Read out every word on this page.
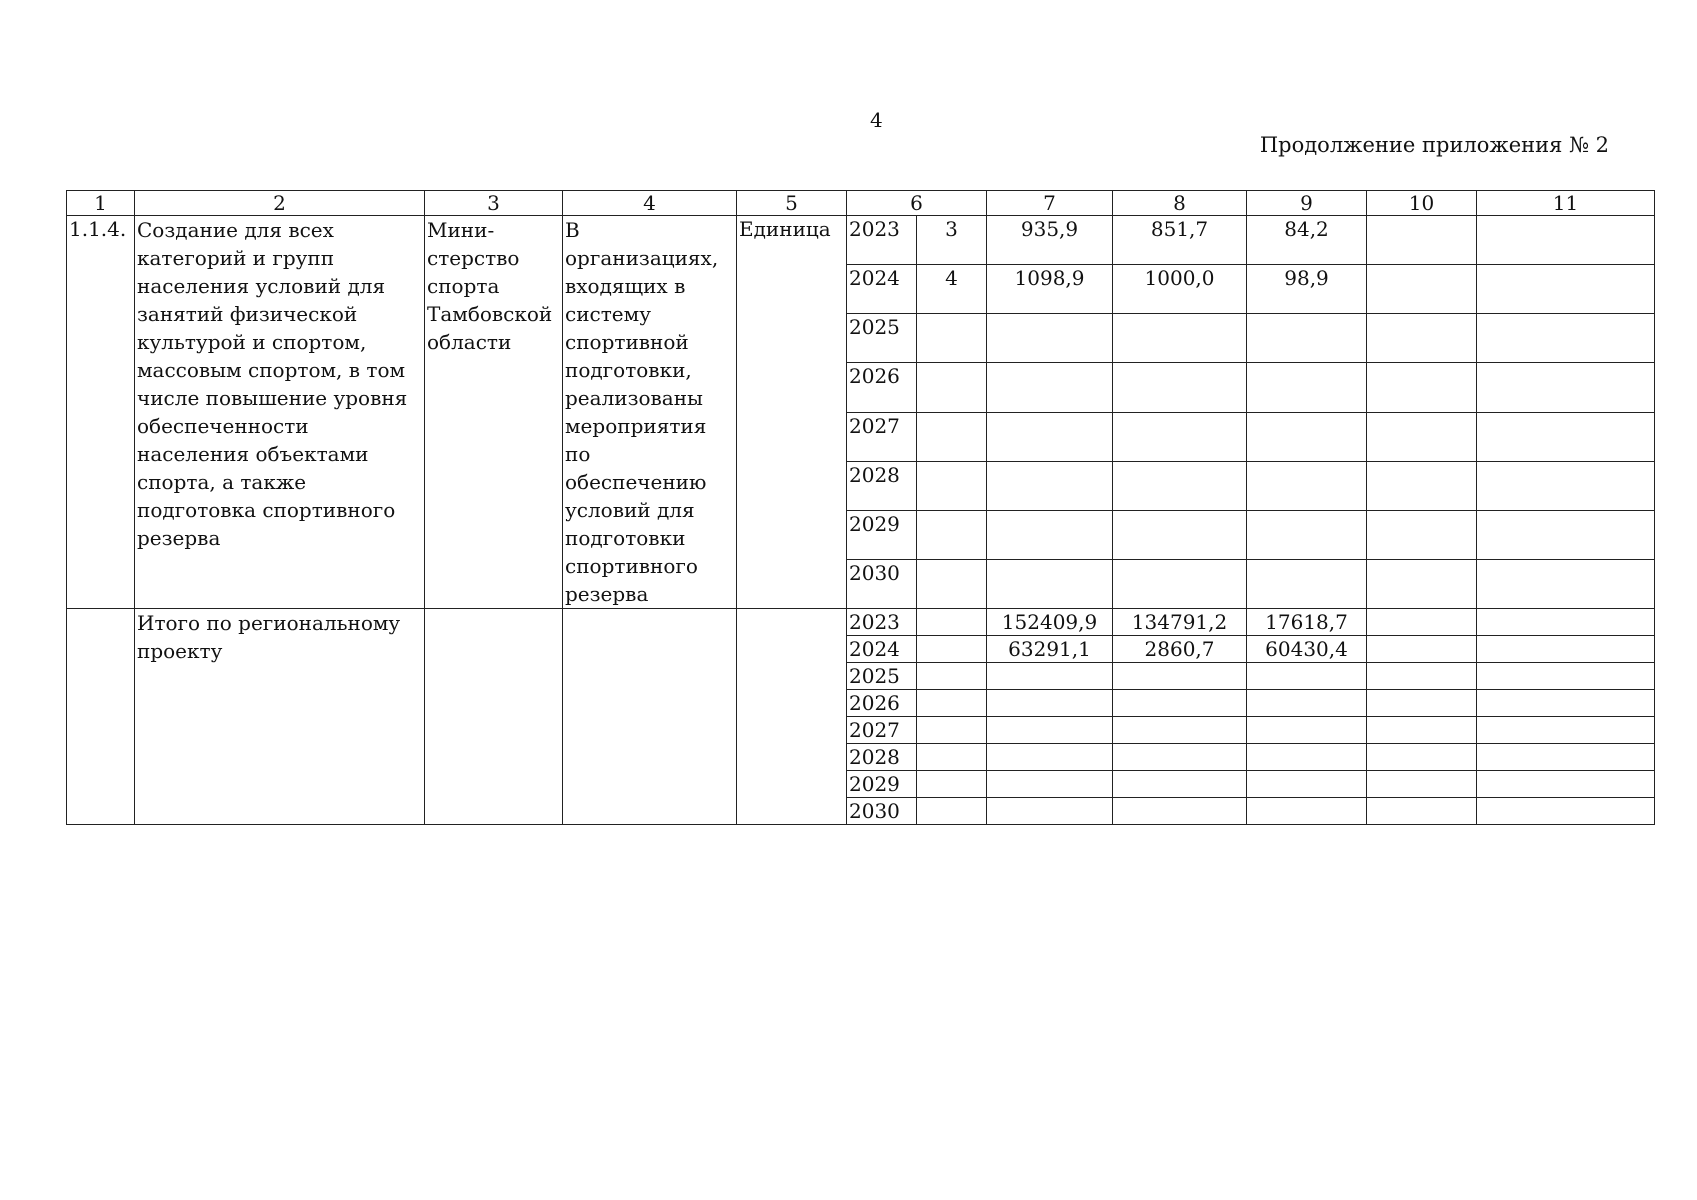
4
Продолжение приложения № 2
1	2	3	4	5	6		7	8	9	10	11
1.1.4.	Создание для всех категорий и групп населения условий для занятий физической культурой и спортом, массовым спортом, в том числе повышение уровня обеспеченности населения объектами спорта, а также подготовка спортивного резерва	Мини-стерство спорта Тамбовской области	В организациях, входящих в систему спортивной подготовки, реализованы мероприятия по обеспечению условий для подготовки спортивного резерва	Единица	2023	3	935,9	851,7	84,2		
					2024	4	1098,9	1000,0	98,9		
					2025						
					2026						
					2027						
					2028						
					2029						
					2030						
	Итого по региональному проекту				2023		152409,9	134791,2	17618,7		
					2024		63291,1	2860,7	60430,4		
					2025						
					2026						
					2027						
					2028						
					2029						
					2030						
